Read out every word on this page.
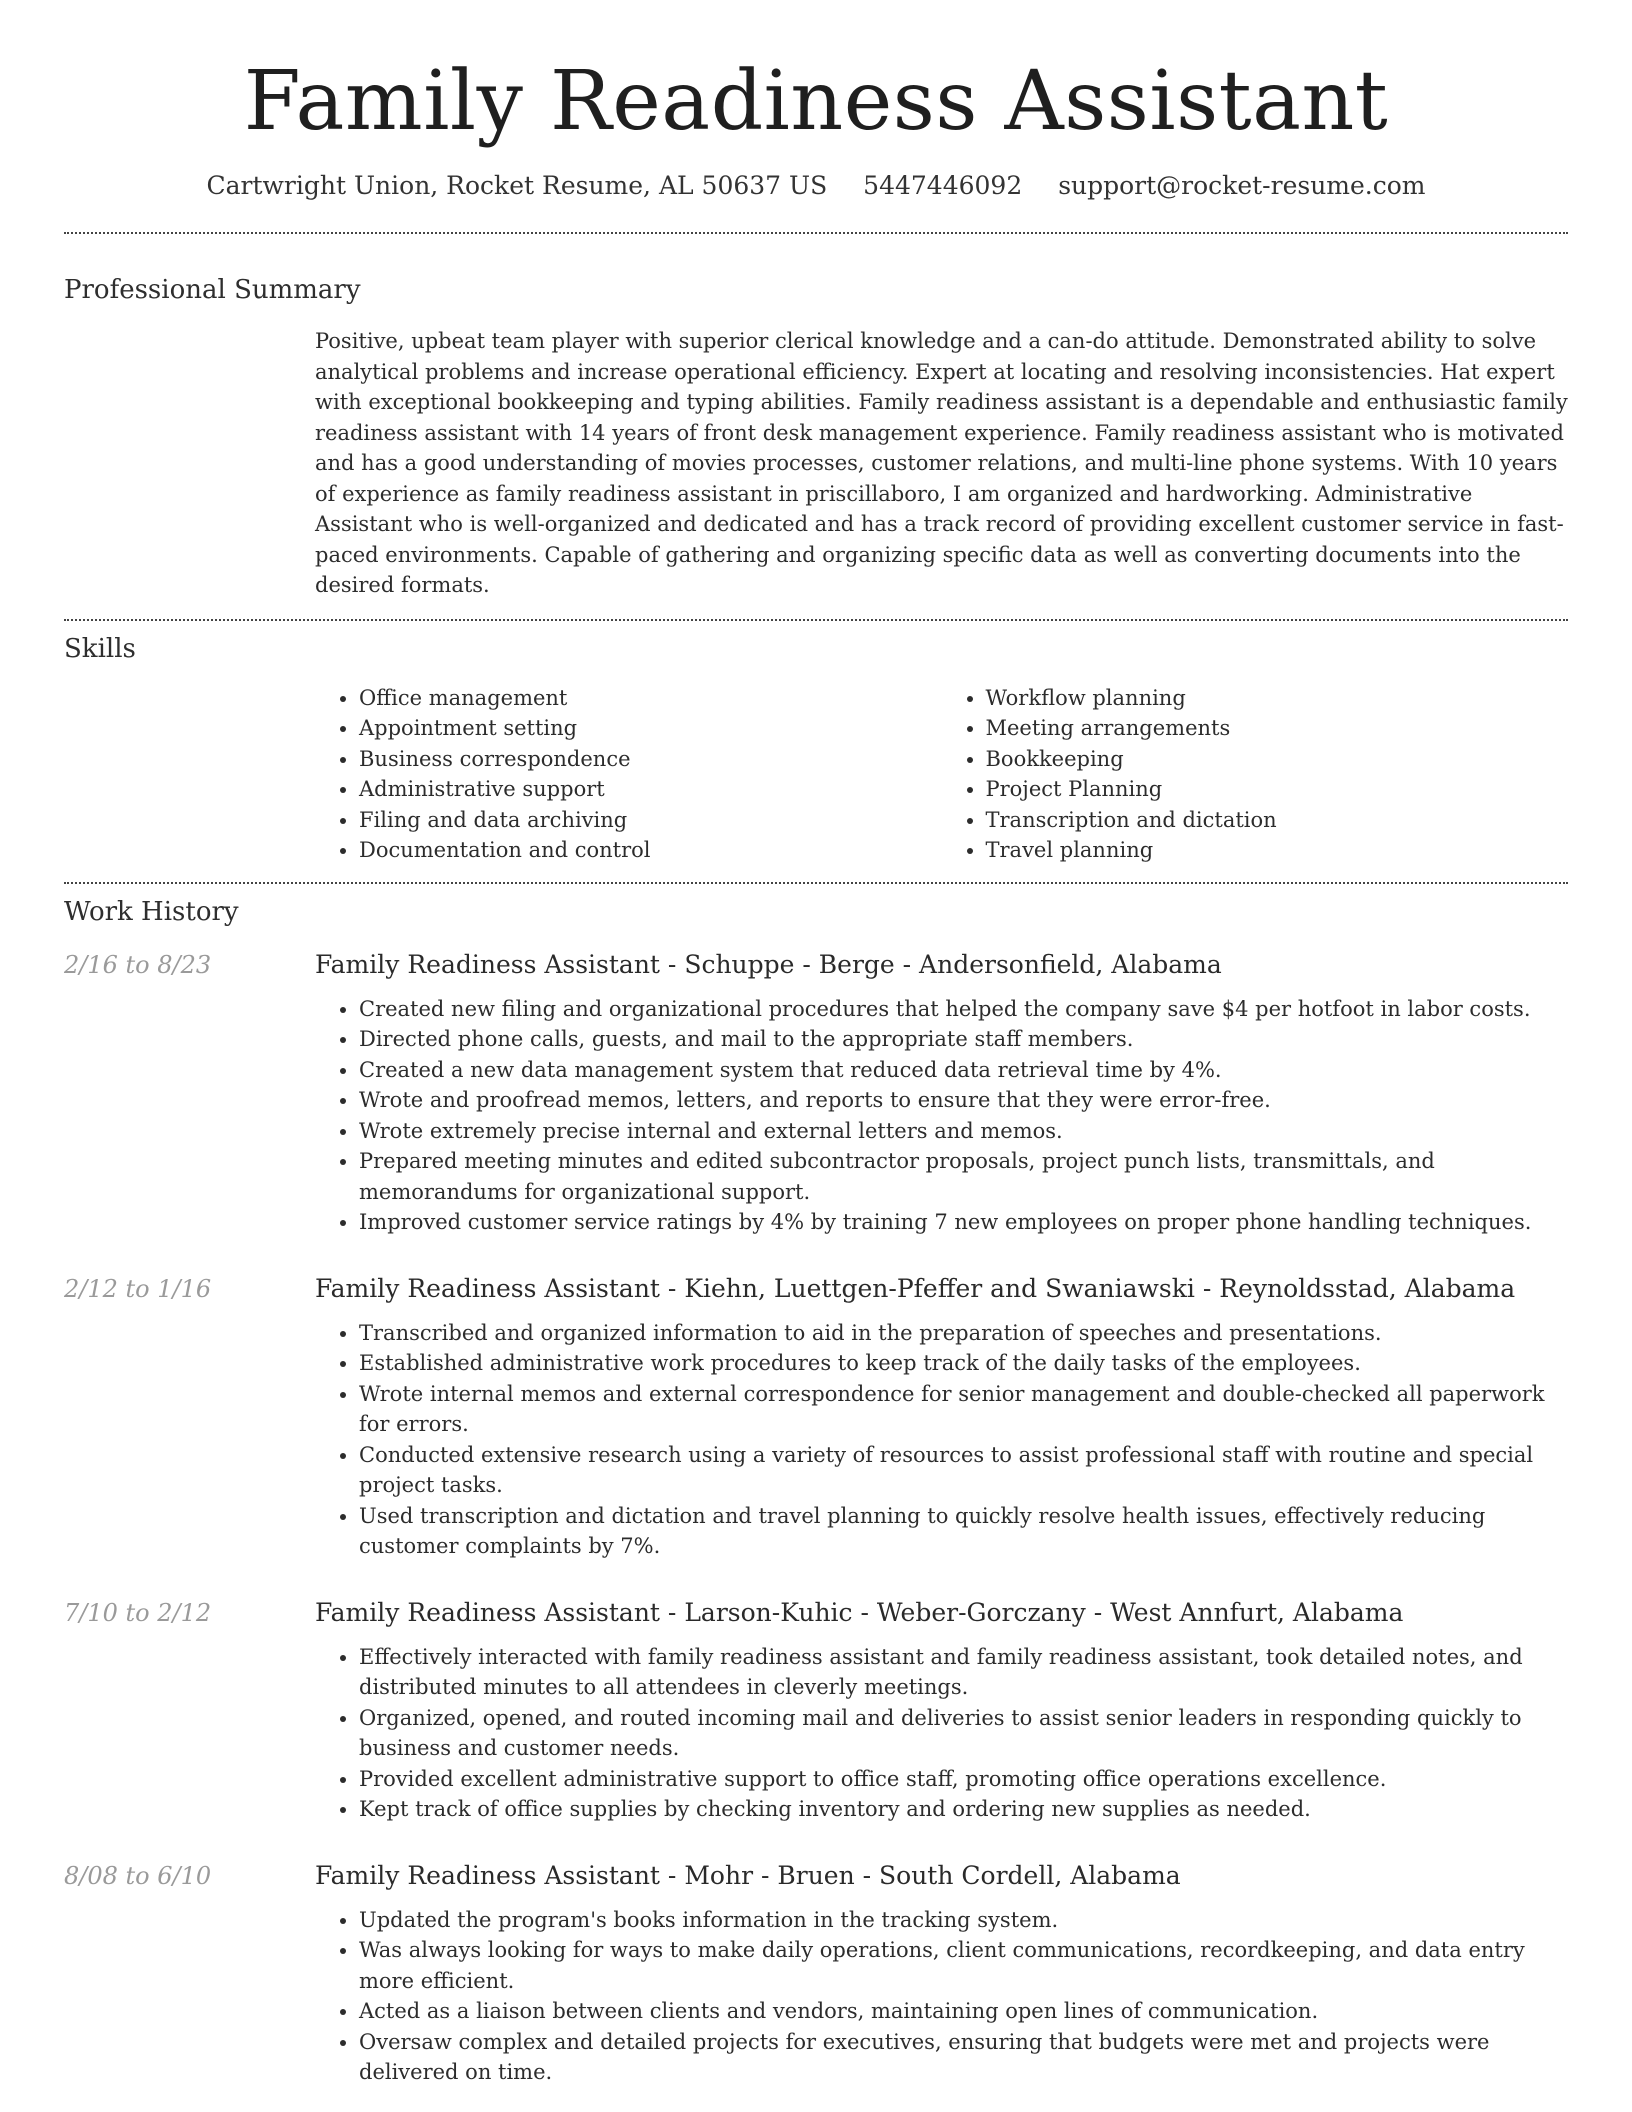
Family Readiness Assistant
Cartwright Union, Rocket Resume, AL 50637 US 5447446092 support@rocket-resume.com
Professional Summary

Positive, upbeat team player with superior clerical knowledge and a can-do attitude. Demonstrated ability to solve analytical problems and increase operational efficiency. Expert at locating and resolving inconsistencies. Hat expert with exceptional bookkeeping and typing abilities. Family readiness assistant is a dependable and enthusiastic family readiness assistant with 14 years of front desk management experience. Family readiness assistant who is motivated and has a good understanding of movies processes, customer relations, and multi-line phone systems. With 10 years of experience as family readiness assistant in priscillaboro, I am organized and hardworking. Administrative Assistant who is well-organized and dedicated and has a track record of providing excellent customer service in fast-paced environments. Capable of gathering and organizing specific data as well as converting documents into the desired formats.

Skills
• Office management
• Appointment setting
• Business correspondence
• Administrative support
• Filing and data archiving
• Documentation and control
• Workflow planning
• Meeting arrangements
• Bookkeeping
• Project Planning
• Transcription and dictation
• Travel planning
Work History
2/16 to 8/23	Family Readiness Assistant - Schuppe - Berge - Andersonfield, Alabama
• Created new filing and organizational procedures that helped the company save $4 per hotfoot in labor costs.
• Directed phone calls, guests, and mail to the appropriate staff members.
• Created a new data management system that reduced data retrieval time by 4%.
• Wrote and proofread memos, letters, and reports to ensure that they were error-free.
• Wrote extremely precise internal and external letters and memos.
• Prepared meeting minutes and edited subcontractor proposals, project punch lists, transmittals, and memorandums for organizational support.
• Improved customer service ratings by 4% by training 7 new employees on proper phone handling techniques.
2/12 to 1/16	Family Readiness Assistant - Kiehn, Luettgen-Pfeffer and Swaniawski - Reynoldsstad, Alabama
• Transcribed and organized information to aid in the preparation of speeches and presentations.
• Established administrative work procedures to keep track of the daily tasks of the employees.
• Wrote internal memos and external correspondence for senior management and double-checked all paperwork for errors.
• Conducted extensive research using a variety of resources to assist professional staff with routine and special project tasks.
• Used transcription and dictation and travel planning to quickly resolve health issues, effectively reducing customer complaints by 7%.
7/10 to 2/12	Family Readiness Assistant - Larson-Kuhic - Weber-Gorczany - West Annfurt, Alabama
• Effectively interacted with family readiness assistant and family readiness assistant, took detailed notes, and distributed minutes to all attendees in cleverly meetings.
• Organized, opened, and routed incoming mail and deliveries to assist senior leaders in responding quickly to business and customer needs.
• Provided excellent administrative support to office staff, promoting office operations excellence.
• Kept track of office supplies by checking inventory and ordering new supplies as needed.
8/08 to 6/10	Family Readiness Assistant - Mohr - Bruen - South Cordell, Alabama
• Updated the program's books information in the tracking system.
• Was always looking for ways to make daily operations, client communications, recordkeeping, and data entry more efficient.
• Acted as a liaison between clients and vendors, maintaining open lines of communication.
• Oversaw complex and detailed projects for executives, ensuring that budgets were met and projects were delivered on time.
